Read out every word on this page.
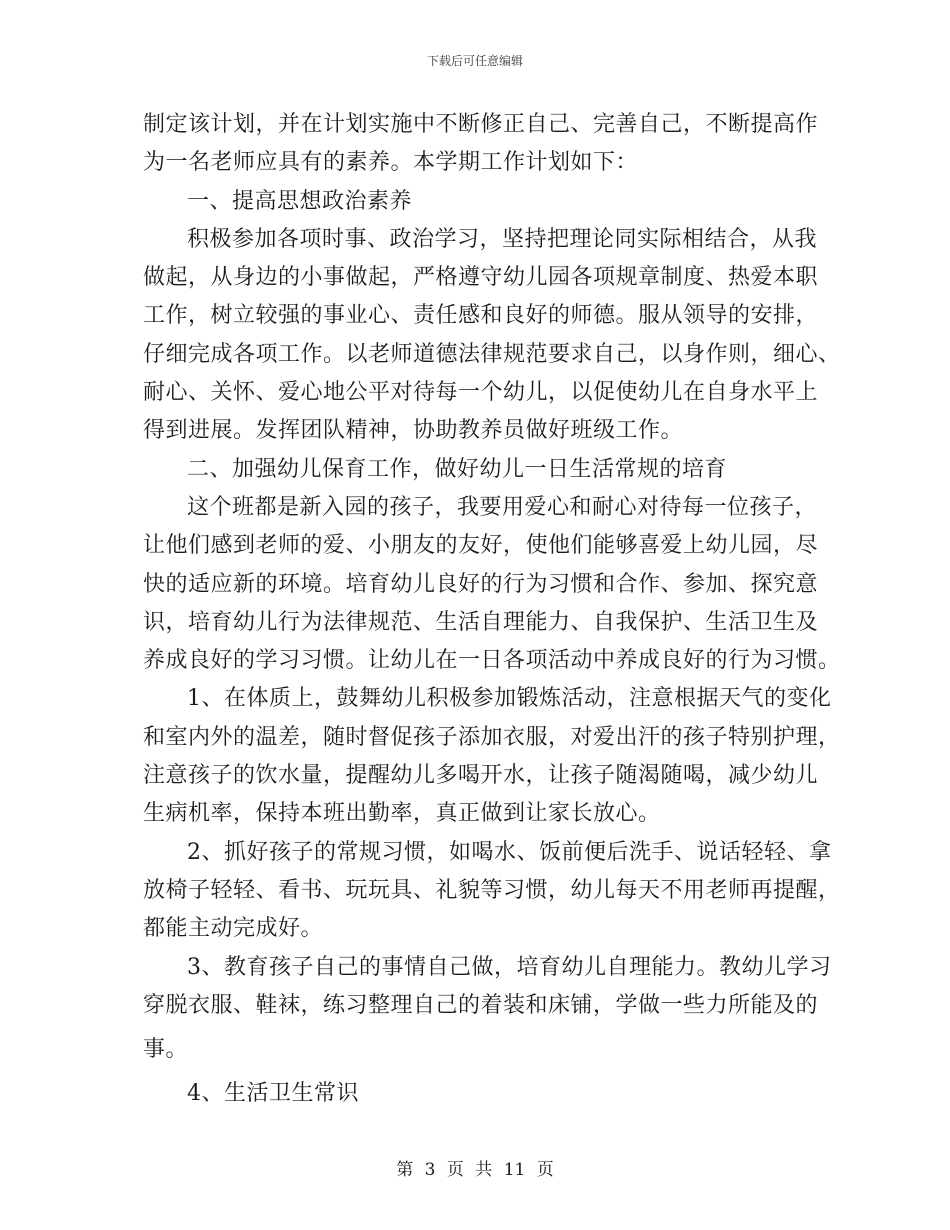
下载后可任意编辑
制定该计划，并在计划实施中不断修正自己、完善自己，不断提高作
为一名老师应具有的素养。本学期工作计划如下：
一、提高思想政治素养
积极参加各项时事、政治学习，坚持把理论同实际相结合，从我
做起，从身边的小事做起，严格遵守幼儿园各项规章制度、热爱本职
工作，树立较强的事业心、责任感和良好的师德。服从领导的安排，
仔细完成各项工作。以老师道德法律规范要求自己，以身作则，细心、
耐心、关怀、爱心地公平对待每一个幼儿，以促使幼儿在自身水平上
得到进展。发挥团队精神，协助教养员做好班级工作。
二、加强幼儿保育工作，做好幼儿一日生活常规的培育
这个班都是新入园的孩子，我要用爱心和耐心对待每一位孩子，
让他们感到老师的爱、小朋友的友好，使他们能够喜爱上幼儿园，尽
快的适应新的环境。培育幼儿良好的行为习惯和合作、参加、探究意
识，培育幼儿行为法律规范、生活自理能力、自我保护、生活卫生及
养成良好的学习习惯。让幼儿在一日各项活动中养成良好的行为习惯。
1、在体质上，鼓舞幼儿积极参加锻炼活动，注意根据天气的变化
和室内外的温差，随时督促孩子添加衣服，对爱出汗的孩子特别护理，
注意孩子的饮水量，提醒幼儿多喝开水，让孩子随渴随喝，减少幼儿
生病机率，保持本班出勤率，真正做到让家长放心。
2、抓好孩子的常规习惯，如喝水、饭前便后洗手、说话轻轻、拿
放椅子轻轻、看书、玩玩具、礼貌等习惯，幼儿每天不用老师再提醒，
都能主动完成好。
3、教育孩子自己的事情自己做，培育幼儿自理能力。教幼儿学习
穿脱衣服、鞋袜，练习整理自己的着装和床铺，学做一些力所能及的
事。
4、生活卫生常识
第 3 页 共 11 页
